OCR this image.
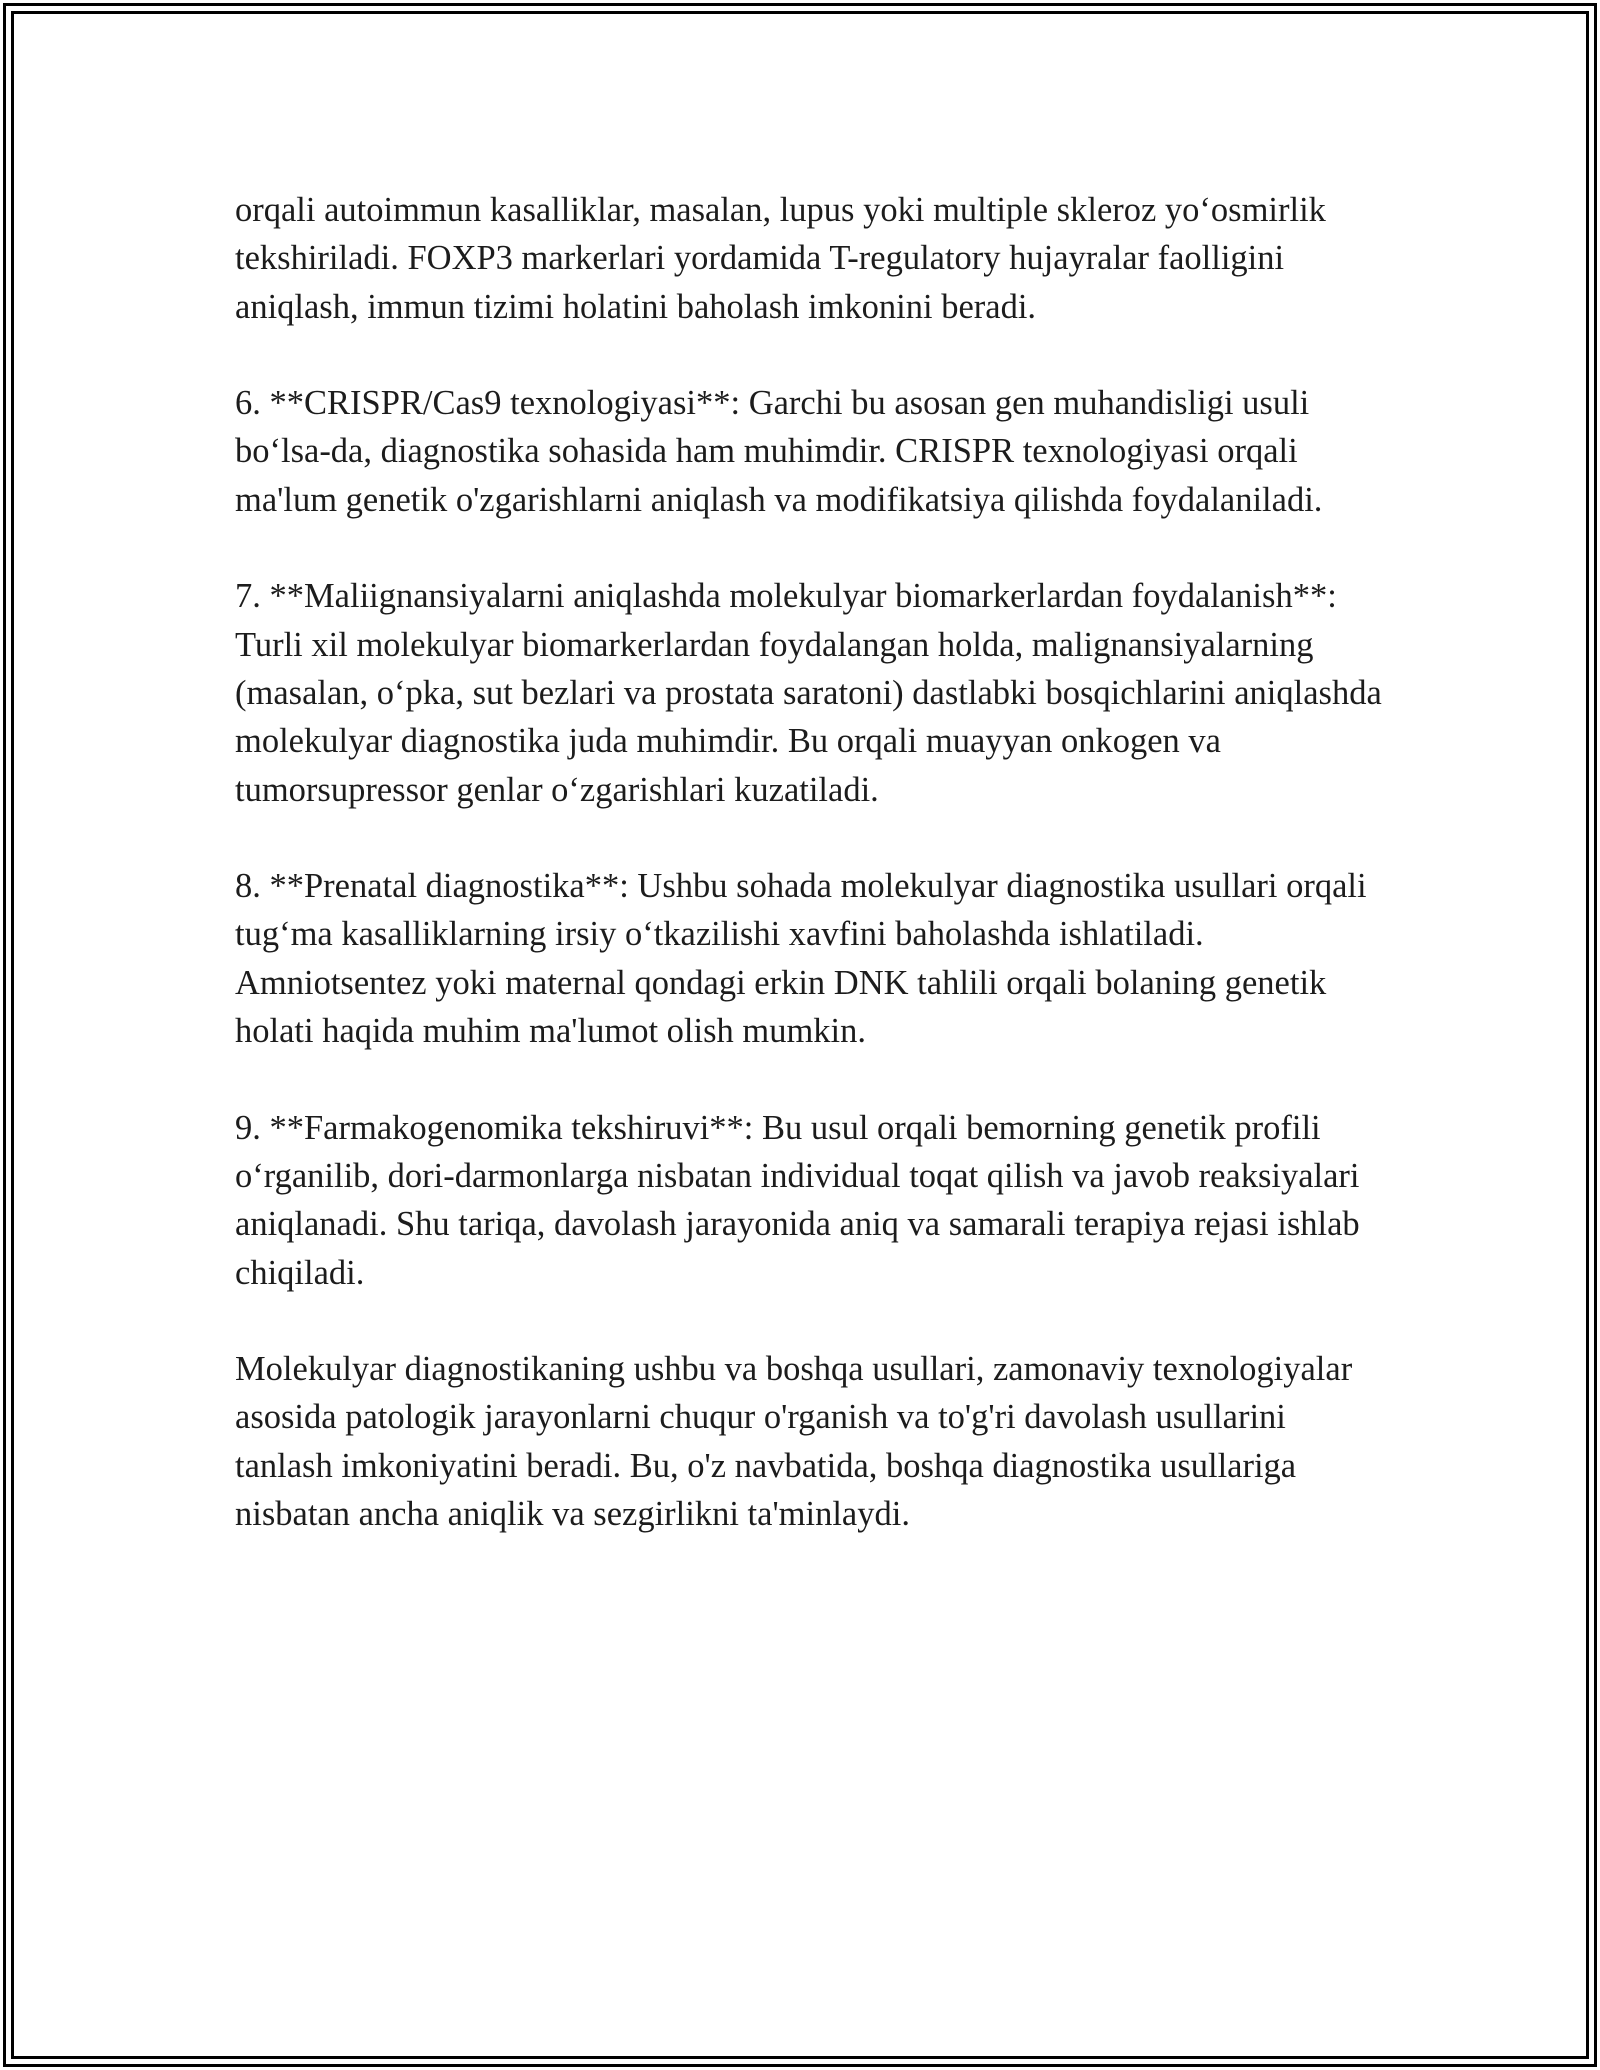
orqali autoimmun kasalliklar, masalan, lupus yoki multiple skleroz yo‘osmirlik tekshiriladi. FOXP3 markerlari yordamida T-regulatory hujayralar faolligini aniqlash, immun tizimi holatini baholash imkonini beradi.

6. **CRISPR/Cas9 texnologiyasi**: Garchi bu asosan gen muhandisligi usuli bo‘lsa-da, diagnostika sohasida ham muhimdir. CRISPR texnologiyasi orqali ma'lum genetik o'zgarishlarni aniqlash va modifikatsiya qilishda foydalaniladi.

7. **Maliignansiyalarni aniqlashda molekulyar biomarkerlardan foydalanish**: Turli xil molekulyar biomarkerlardan foydalangan holda, malignansiyalarning (masalan, o‘pka, sut bezlari va prostata saratoni) dastlabki bosqichlarini aniqlashda molekulyar diagnostika juda muhimdir. Bu orqali muayyan onkogen va tumorsupressor genlar o‘zgarishlari kuzatiladi.

8. **Prenatal diagnostika**: Ushbu sohada molekulyar diagnostika usullari orqali tug‘ma kasalliklarning irsiy o‘tkazilishi xavfini baholashda ishlatiladi. Amniotsentez yoki maternal qondagi erkin DNK tahlili orqali bolaning genetik holati haqida muhim ma'lumot olish mumkin.

9. **Farmakogenomika tekshiruvi**: Bu usul orqali bemorning genetik profili o‘rganilib, dori-darmonlarga nisbatan individual toqat qilish va javob reaksiyalari aniqlanadi. Shu tariqa, davolash jarayonida aniq va samarali terapiya rejasi ishlab chiqiladi.

Molekulyar diagnostikaning ushbu va boshqa usullari, zamonaviy texnologiyalar asosida patologik jarayonlarni chuqur o'rganish va to'g'ri davolash usullarini tanlash imkoniyatini beradi. Bu, o'z navbatida, boshqa diagnostika usullariga nisbatan ancha aniqlik va sezgirlikni ta'minlaydi.
